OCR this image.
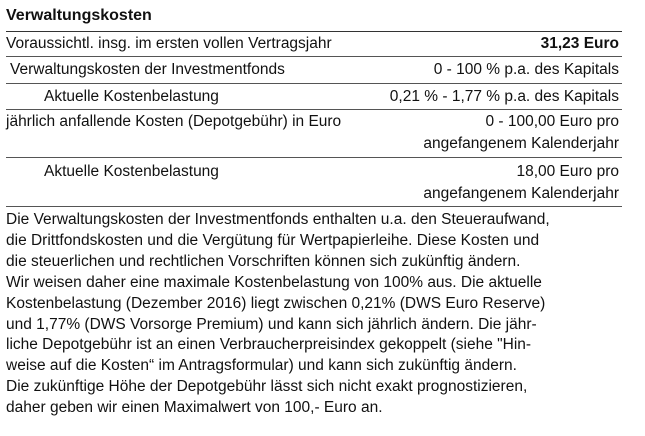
Verwaltungskosten
Voraussichtl. insg. im ersten vollen Vertragsjahr	31,23 Euro
Verwaltungskosten der Investmentfonds	0 - 100 % p.a. des Kapitals
Aktuelle Kostenbelastung	0,21 % - 1,77 % p.a. des Kapitals
jährlich anfallende Kosten (Depotgebühr) in Euro	0 - 100,00 Euro pro
angefangenem Kalenderjahr
Aktuelle Kostenbelastung	18,00 Euro pro
angefangenem Kalenderjahr
Die Verwaltungskosten der Investmentfonds enthalten u.a. den Steueraufwand,
die Drittfondskosten und die Vergütung für Wertpapierleihe. Diese Kosten und
die steuerlichen und rechtlichen Vorschriften können sich zukünftig ändern.
Wir weisen daher eine maximale Kostenbelastung von 100% aus. Die aktuelle
Kostenbelastung (Dezember 2016) liegt zwischen 0,21% (DWS Euro Reserve)
und 1,77% (DWS Vorsorge Premium) und kann sich jährlich ändern. Die jähr-
liche Depotgebühr ist an einen Verbraucherpreisindex gekoppelt (siehe "Hin-
weise auf die Kosten“ im Antragsformular) und kann sich zukünftig ändern.
Die zukünftige Höhe der Depotgebühr lässt sich nicht exakt prognostizieren,
daher geben wir einen Maximalwert von 100,- Euro an.
